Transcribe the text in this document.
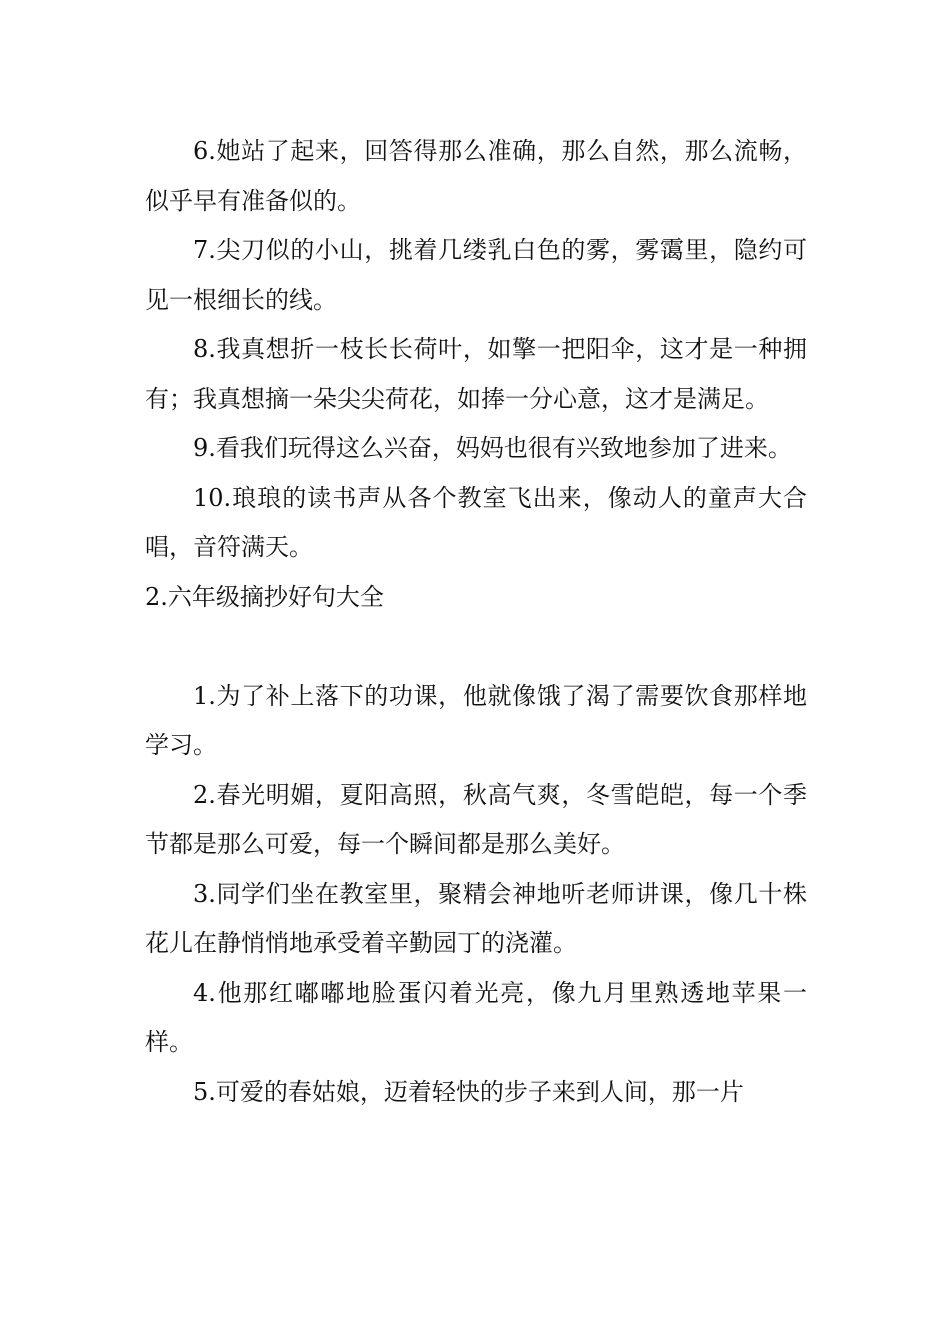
6.她站了起来，回答得那么准确，那么自然，那么流畅，似乎早有准备似的。

7.尖刀似的小山，挑着几缕乳白色的雾，雾霭里，隐约可见一根细长的线。

8.我真想折一枝长长荷叶，如擎一把阳伞，这才是一种拥有；我真想摘一朵尖尖荷花，如捧一分心意，这才是满足。

9.看我们玩得这么兴奋，妈妈也很有兴致地参加了进来。

10.琅琅的读书声从各个教室飞出来，像动人的童声大合唱，音符满天。

2.六年级摘抄好句大全

1.为了补上落下的功课，他就像饿了渴了需要饮食那样地学习。

2.春光明媚，夏阳高照，秋高气爽，冬雪皑皑，每一个季节都是那么可爱，每一个瞬间都是那么美好。

3.同学们坐在教室里，聚精会神地听老师讲课，像几十株花儿在静悄悄地承受着辛勤园丁的浇灌。

4.他那红嘟嘟地脸蛋闪着光亮，像九月里熟透地苹果一样。

5.可爱的春姑娘，迈着轻快的步子来到人间，那一片
